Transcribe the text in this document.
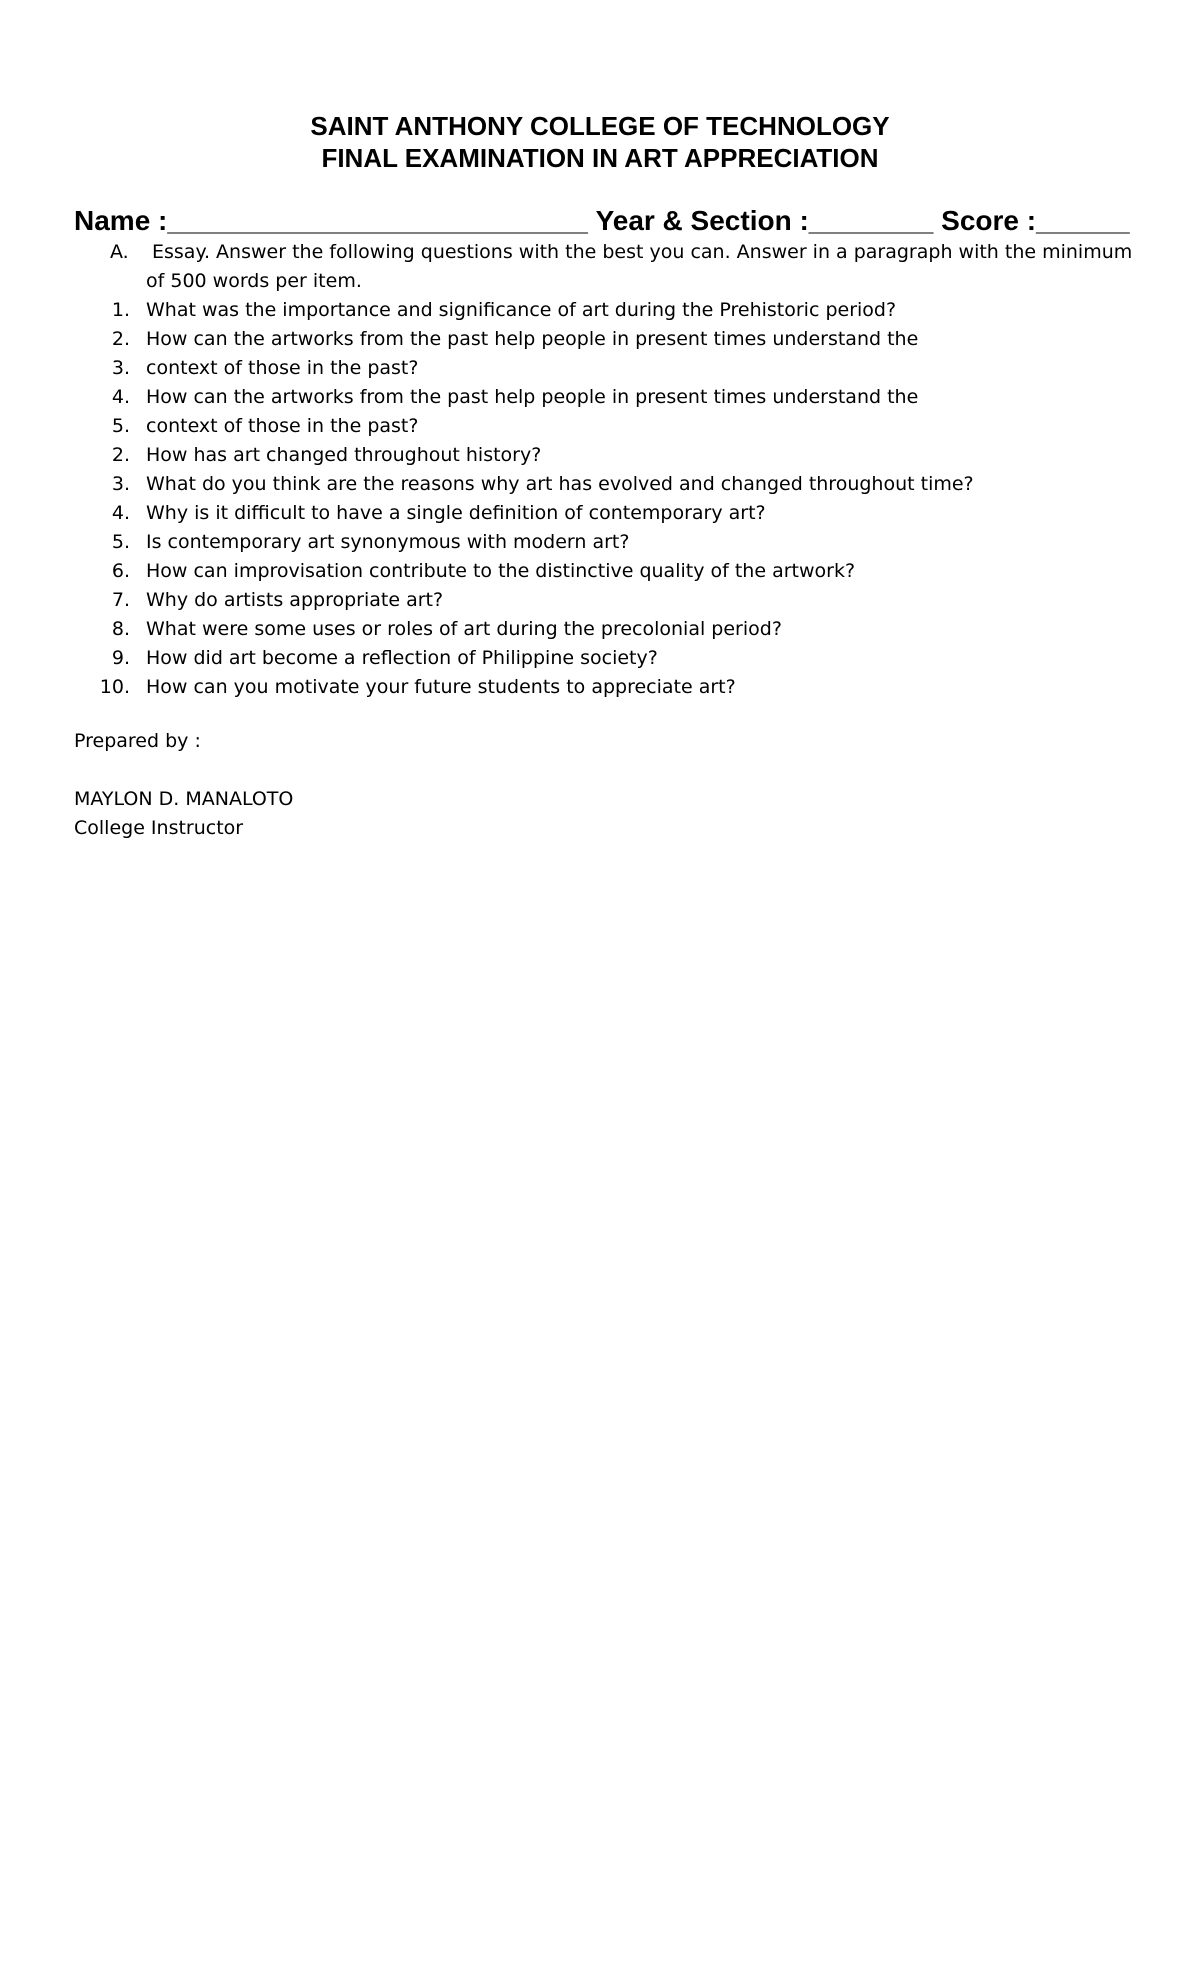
SAINT ANTHONY COLLEGE OF TECHNOLOGY
FINAL EXAMINATION IN ART APPRECIATION
Name :___________________________ Year & Section :________ Score :______
A.	Essay. Answer the following questions with the best you can. Answer in a paragraph with the minimum of 500 words per item.

1. What was the importance and significance of art during the Prehistoric period?
2. How can the artworks from the past help people in present times understand the
3. context of those in the past?
4. How can the artworks from the past help people in present times understand the
5. context of those in the past?
2. How has art changed throughout history?
3. What do you think are the reasons why art has evolved and changed throughout time?
4. Why is it difficult to have a single definition of contemporary art?
5. Is contemporary art synonymous with modern art?
6. How can improvisation contribute to the distinctive quality of the artwork?
7. Why do artists appropriate art?
8. What were some uses or roles of art during the precolonial period?
9. How did art become a reflection of Philippine society?
10. How can you motivate your future students to appreciate art?
Prepared by :
MAYLON D. MANALOTO
College Instructor
